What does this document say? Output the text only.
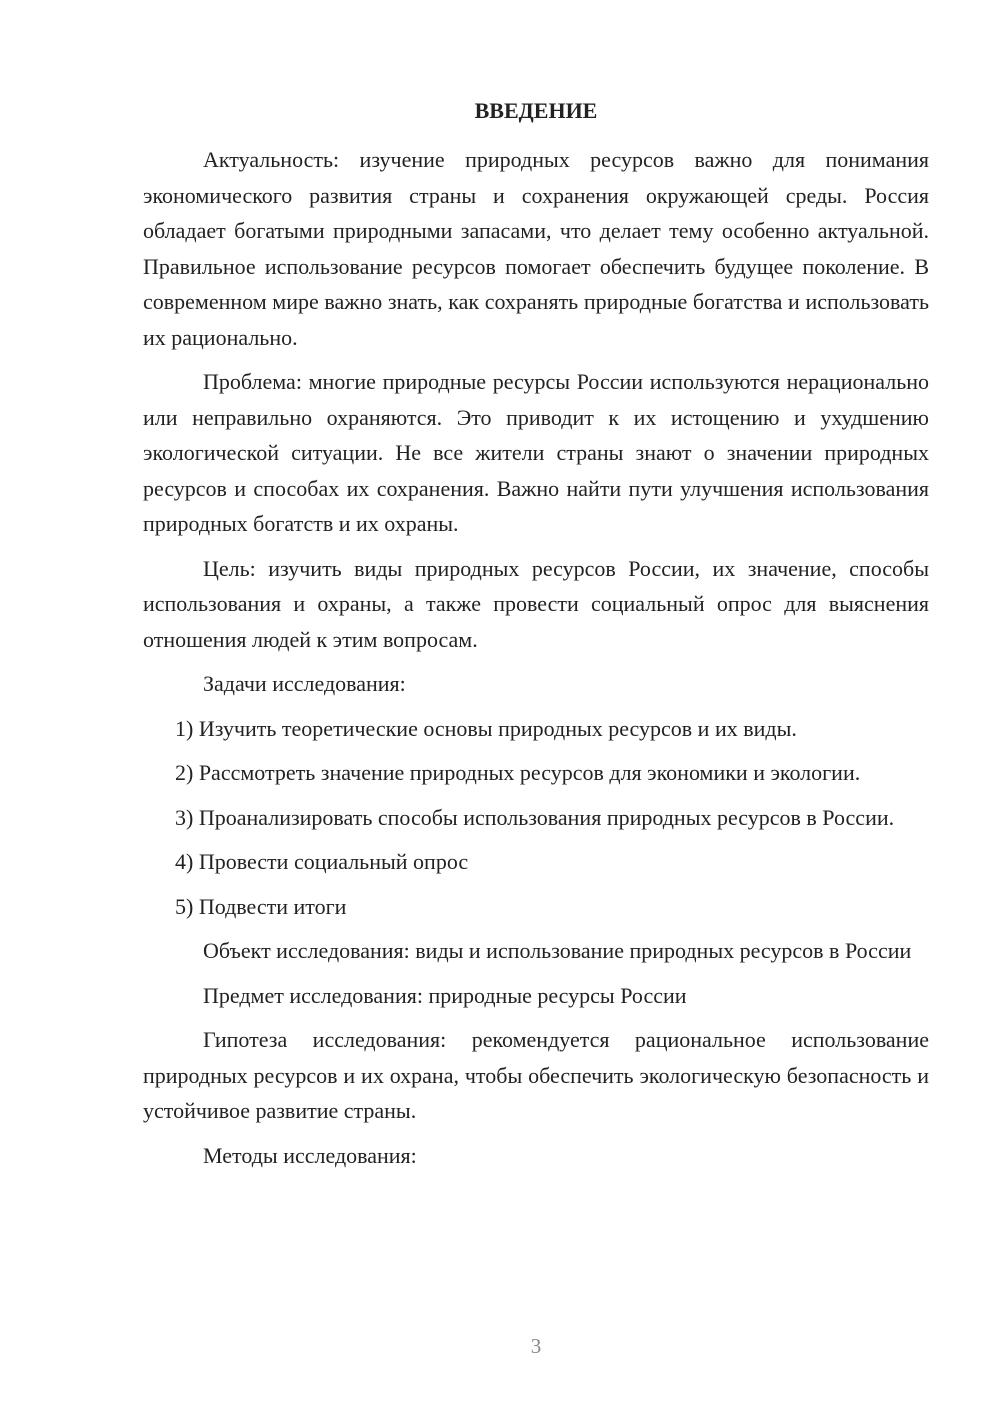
ВВЕДЕНИЕ

Актуальность: изучение природных ресурсов важно для понимания экономического развития страны и сохранения окружающей среды. Россия обладает богатыми природными запасами, что делает тему особенно актуальной. Правильное использование ресурсов помогает обеспечить будущее поколение. В современном мире важно знать, как сохранять природные богатства и использовать их рационально.

Проблема: многие природные ресурсы России используются нерационально или неправильно охраняются. Это приводит к их истощению и ухудшению экологической ситуации. Не все жители страны знают о значении природных ресурсов и способах их сохранения. Важно найти пути улучшения использования природных богатств и их охраны.

Цель: изучить виды природных ресурсов России, их значение, способы использования и охраны, а также провести социальный опрос для выяснения отношения людей к этим вопросам.

Задачи исследования:

1) Изучить теоретические основы природных ресурсов и их виды.

2) Рассмотреть значение природных ресурсов для экономики и экологии.

3) Проанализировать способы использования природных ресурсов в России.

4) Провести социальный опрос

5) Подвести итоги

Объект исследования: виды и использование природных ресурсов в России

Предмет исследования: природные ресурсы России

Гипотеза исследования: рекомендуется рациональное использование природных ресурсов и их охрана, чтобы обеспечить экологическую безопасность и устойчивое развитие страны.

Методы исследования:

3
